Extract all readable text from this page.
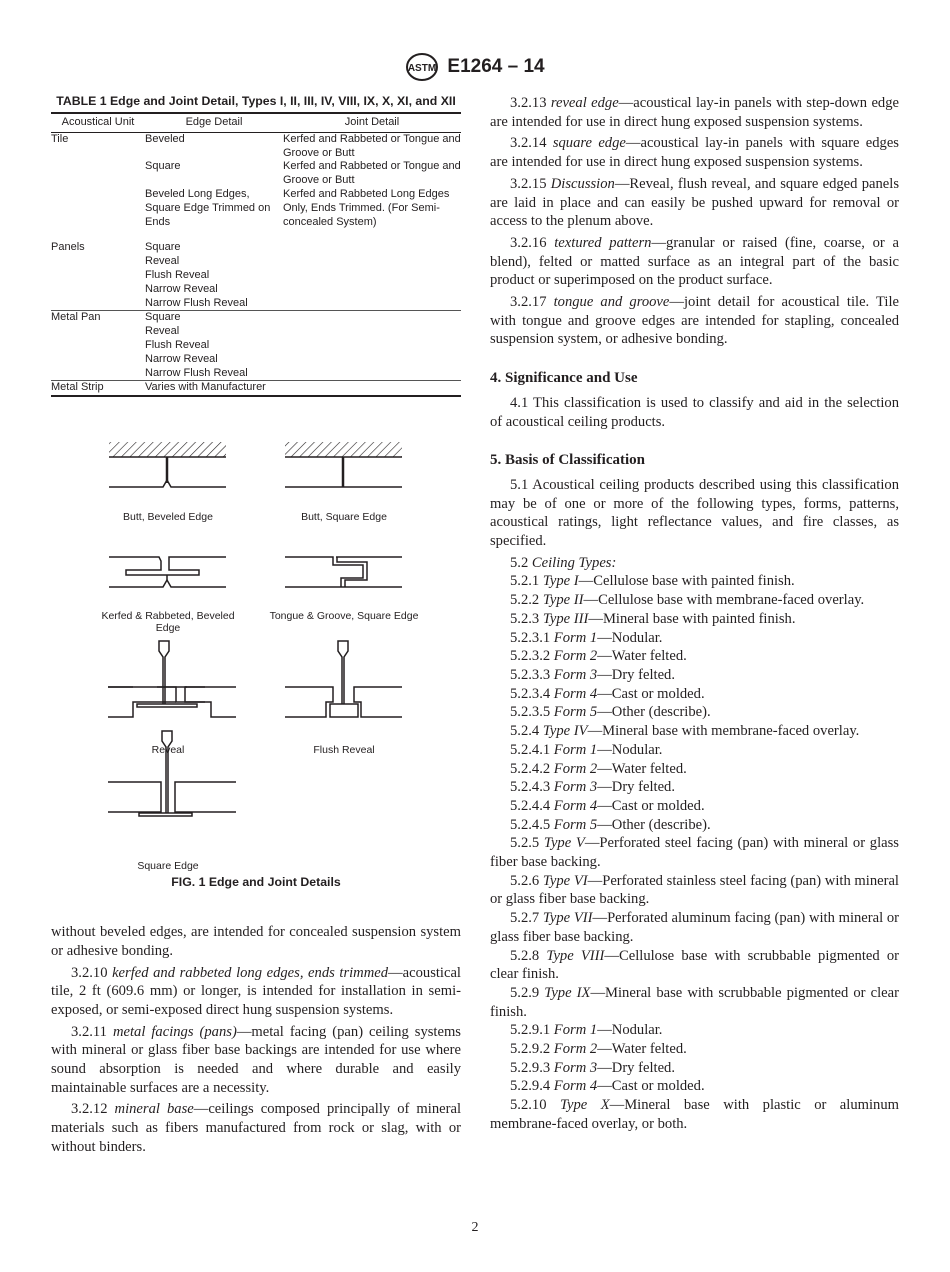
ASTM E1264 – 14
TABLE 1 Edge and Joint Detail, Types I, II, III, IV, VIII, IX, X, XI, and XII
Acoustical Unit	Edge Detail	Joint Detail
Tile	Beveled	Kerfed and Rabbeted or Tongue and Groove or Butt
	Square	Kerfed and Rabbeted or Tongue and Groove or Butt
	Beveled Long Edges, Square Edge Trimmed on Ends	Kerfed and Rabbeted Long Edges Only, Ends Trimmed. (For Semi-concealed System)

Panels	Square	
	Reveal	
	Flush Reveal	
	Narrow Reveal	
	Narrow Flush Reveal	
Metal Pan	Square	
	Reveal	
	Flush Reveal	
	Narrow Reveal	
	Narrow Flush Reveal	
Metal Strip	Varies with Manufacturer	
Butt, Beveled Edge	Butt, Square Edge
Kerfed & Rabbeted, Beveled Edge
Tongue & Groove, Square Edge
Reveal	Flush Reveal
Square Edge
FIG. 1 Edge and Joint Details

without beveled edges, are intended for concealed suspension system or adhesive bonding.

3.2.10 kerfed and rabbeted long edges, ends trimmed—acoustical tile, 2 ft (609.6 mm) or longer, is intended for installation in semi-exposed, or semi-exposed direct hung suspension systems.

3.2.11 metal facings (pans)—metal facing (pan) ceiling systems with mineral or glass fiber base backings are intended for use where sound absorption is needed and where durable and easily maintainable surfaces are a necessity.

3.2.12 mineral base—ceilings composed principally of mineral materials such as fibers manufactured from rock or slag, with or without binders.

3.2.13 reveal edge—acoustical lay-in panels with step-down edge are intended for use in direct hung exposed suspension systems.

3.2.14 square edge—acoustical lay-in panels with square edges are intended for use in direct hung exposed suspension systems.

3.2.15 Discussion—Reveal, flush reveal, and square edged panels are laid in place and can easily be pushed upward for removal or access to the plenum above.

3.2.16 textured pattern—granular or raised (fine, coarse, or a blend), felted or matted surface as an integral part of the basic product or superimposed on the product surface.

3.2.17 tongue and groove—joint detail for acoustical tile. Tile with tongue and groove edges are intended for stapling, concealed suspension system, or adhesive bonding.

4. Significance and Use

4.1 This classification is used to classify and aid in the selection of acoustical ceiling products.

5. Basis of Classification

5.1 Acoustical ceiling products described using this classification may be of one or more of the following types, forms, patterns, acoustical ratings, light reflectance values, and fire classes, as specified.

5.2 Ceiling Types:
5.2.1 Type I—Cellulose base with painted finish.
5.2.2 Type II—Cellulose base with membrane-faced overlay.
5.2.3 Type III—Mineral base with painted finish.
5.2.3.1 Form 1—Nodular.
5.2.3.2 Form 2—Water felted.
5.2.3.3 Form 3—Dry felted.
5.2.3.4 Form 4—Cast or molded.
5.2.3.5 Form 5—Other (describe).
5.2.4 Type IV—Mineral base with membrane-faced overlay.
5.2.4.1 Form 1—Nodular.
5.2.4.2 Form 2—Water felted.
5.2.4.3 Form 3—Dry felted.
5.2.4.4 Form 4—Cast or molded.
5.2.4.5 Form 5—Other (describe).
5.2.5 Type V—Perforated steel facing (pan) with mineral or glass fiber base backing.
5.2.6 Type VI—Perforated stainless steel facing (pan) with mineral or glass fiber base backing.
5.2.7 Type VII—Perforated aluminum facing (pan) with mineral or glass fiber base backing.
5.2.8 Type VIII—Cellulose base with scrubbable pigmented or clear finish.
5.2.9 Type IX—Mineral base with scrubbable pigmented or clear finish.
5.2.9.1 Form 1—Nodular.
5.2.9.2 Form 2—Water felted.
5.2.9.3 Form 3—Dry felted.
5.2.9.4 Form 4—Cast or molded.
5.2.10 Type X—Mineral base with plastic or aluminum membrane-faced overlay, or both.
2
